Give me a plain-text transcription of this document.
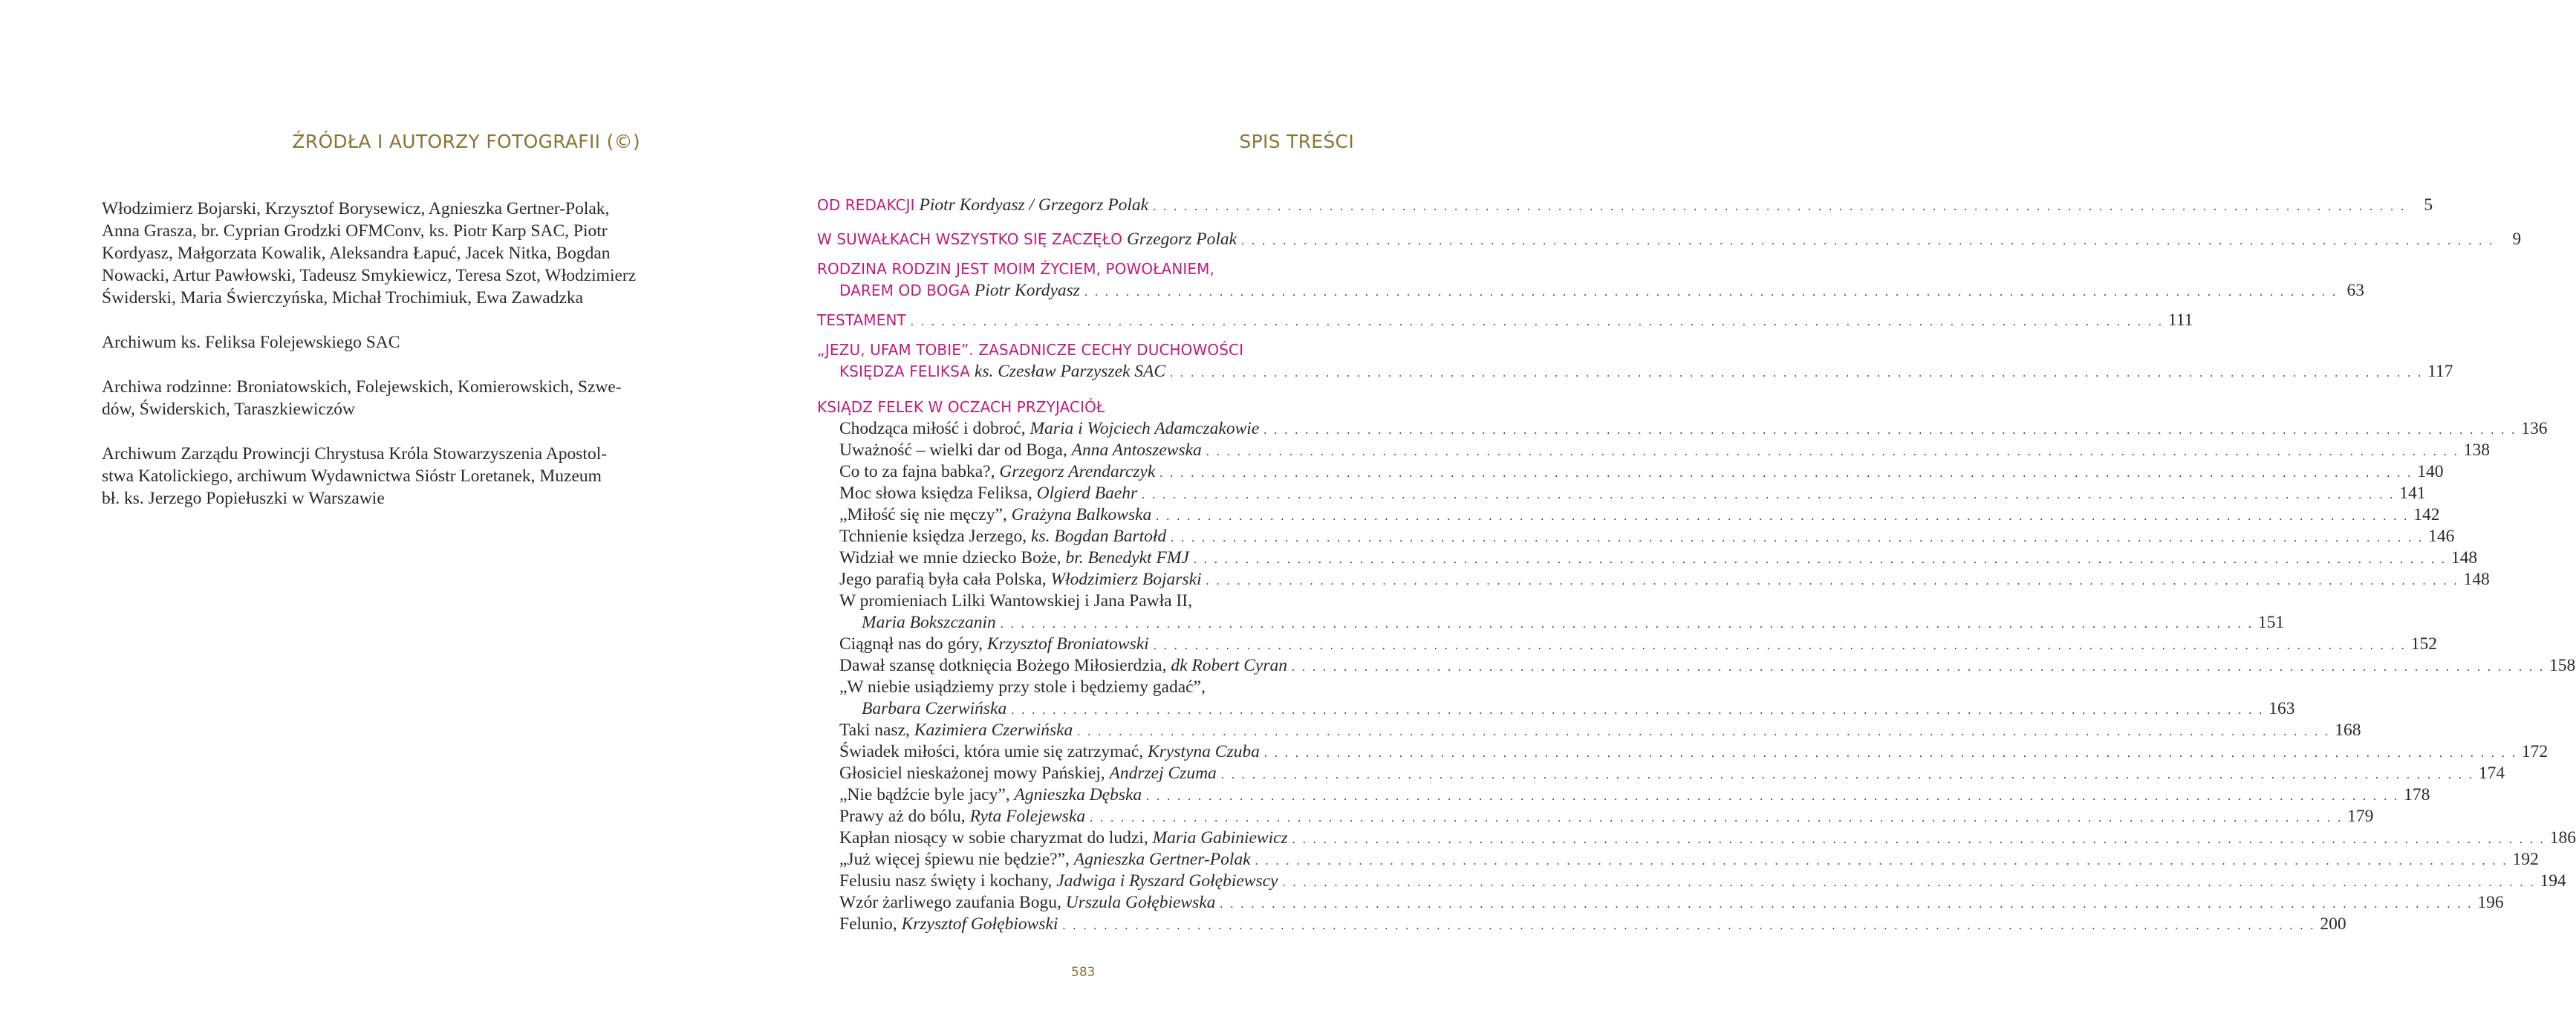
ŹRÓDŁA I AUTORZY FOTOGRAFII (©)

Włodzimierz Bojarski, Krzysztof Borysewicz, Agnieszka Gertner-Polak,
Anna Grasza, br. Cyprian Grodzki OFMConv, ks. Piotr Karp SAC, Piotr
Kordyasz, Małgorzata Kowalik, Aleksandra Łapuć, Jacek Nitka, Bogdan
Nowacki, Artur Pawłowski, Tadeusz Smykiewicz, Teresa Szot, Włodzimierz
Świderski, Maria Świerczyńska, Michał Trochimiuk, Ewa Zawadzka

Archiwum ks. Feliksa Folejewskiego SAC

Archiwa rodzinne: Broniatowskich, Folejewskich, Komierowskich, Szwe-
dów, Świderskich, Taraszkiewiczów

Archiwum Zarządu Prowincji Chrystusa Króla Stowarzyszenia Apostol-
stwa Katolickiego, archiwum Wydawnictwa Sióstr Loretanek, Muzeum
bł. ks. Jerzego Popiełuszki w Warszawie

SPIS TREŚCI
OD REDAKCJI Piotr Kordyasz / Grzegorz Polak . . .	5
W SUWAŁKACH WSZYSTKO SIĘ ZACZĘŁO Grzegorz Polak . . .	9
RODZINA RODZIN JEST MOIM ŻYCIEM, POWOŁANIEM,
DAREM OD BOGA Piotr Kordyasz . . .	63
TESTAMENT . . .	111
„JEZU, UFAM TOBIE”. ZASADNICZE CECHY DUCHOWOŚCI
KSIĘDZA FELIKSA ks. Czesław Parzyszek SAC . . .	117
KSIĄDZ FELEK W OCZACH PRZYJACIÓŁ
Chodząca miłość i dobroć, Maria i Wojciech Adamczakowie . . .	136
Uważność – wielki dar od Boga, Anna Antoszewska . . .	138
Co to za fajna babka?, Grzegorz Arendarczyk . . .	140
Moc słowa księdza Feliksa, Olgierd Baehr . . .	141
„Miłość się nie męczy”, Grażyna Balkowska . . .	142
Tchnienie księdza Jerzego, ks. Bogdan Bartołd . . .	146
Widział we mnie dziecko Boże, br. Benedykt FMJ . . .	148
Jego parafią była cała Polska, Włodzimierz Bojarski . . .	148
W promieniach Lilki Wantowskiej i Jana Pawła II,
Maria Bokszczanin . . .	151
Ciągnął nas do góry, Krzysztof Broniatowski . . .	152
Dawał szansę dotknięcia Bożego Miłosierdzia, dk Robert Cyran . . .	158
„W niebie usiądziemy przy stole i będziemy gadać”,
Barbara Czerwińska . . .	163
Taki nasz, Kazimiera Czerwińska . . .	168
Świadek miłości, która umie się zatrzymać, Krystyna Czuba . . .	172
Głosiciel nieskażonej mowy Pańskiej, Andrzej Czuma . . .	174
„Nie bądźcie byle jacy”, Agnieszka Dębska . . .	178
Prawy aż do bólu, Ryta Folejewska . . .	179
Kapłan niosący w sobie charyzmat do ludzi, Maria Gabiniewicz . . .	186
„Już więcej śpiewu nie będzie?”, Agnieszka Gertner-Polak . . .	192
Felusiu nasz święty i kochany, Jadwiga i Ryszard Gołębiewscy . . .	194
Wzór żarliwego zaufania Bogu, Urszula Gołębiewska . . .	196
Felunio, Krzysztof Gołębiowski . . .	200
583
